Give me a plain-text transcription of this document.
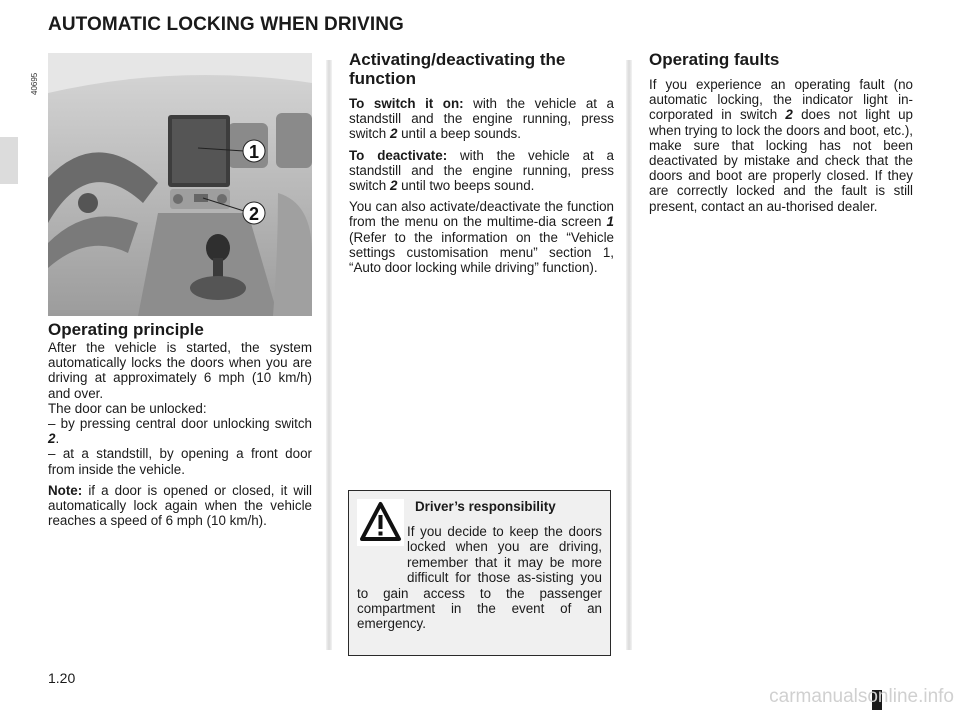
AUTOMATIC LOCKING WHEN DRIVING
40695
1
2
Operating principle

After the vehicle is started, the system automatically locks the doors when you are driving at approximately 6 mph (10 km/h) and over.

The door can be unlocked:

– by pressing central door unlocking switch 2.

– at a standstill, by opening a front door from inside the vehicle.

Note: if a door is opened or closed, it will automatically lock again when the vehicle reaches a speed of 6 mph (10 km/h).

Activating/deactivating the function

To switch it on: with the vehicle at a standstill and the engine running, press switch 2 until a beep sounds.

To deactivate: with the vehicle at a standstill and the engine running, press switch 2 until two beeps sound.

You can also activate/deactivate the function from the menu on the multime-dia screen 1 (Refer to the information on the “Vehicle settings customisation menu” section 1, “Auto door locking while driving” function).

Driver’s responsibility
If you decide to keep the doors locked when you are driving, remember that it may be more difficult for those as-sisting you to gain access to the passenger compartment in the event of an emergency.
Operating faults

If you experience an operating fault (no automatic locking, the indicator light in-corporated in switch 2 does not light up when trying to lock the doors and boot, etc.), make sure that locking has not been deactivated by mistake and check that the doors and boot are properly closed. If they are correctly locked and the fault is still present, contact an au-thorised dealer.

1.20
carmanualsonline.info
